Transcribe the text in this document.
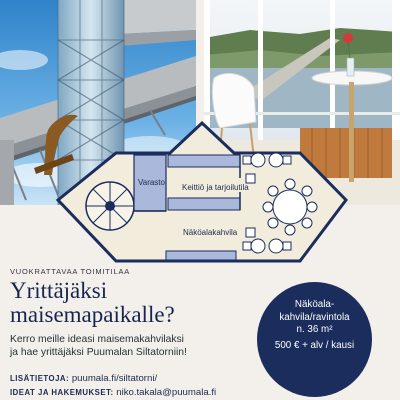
Varasto
Keittiö ja tarjoilutila
Näköalakahvila
VUOKRATTAVAA TOIMITILAA
Yrittäjäksi
maisemapaikalle?
Kerro meille ideasi maisemakahvilaksi
ja hae yrittäjäksi Puumalan Siltatorniin!
LISÄTIETOJA: puumala.fi/siltatorni/
IDEAT JA HAKEMUKSET: niko.takala@puumala.fi
Näköala-
kahvila/ravintola
n. 36 m²
500 € + alv / kausi
